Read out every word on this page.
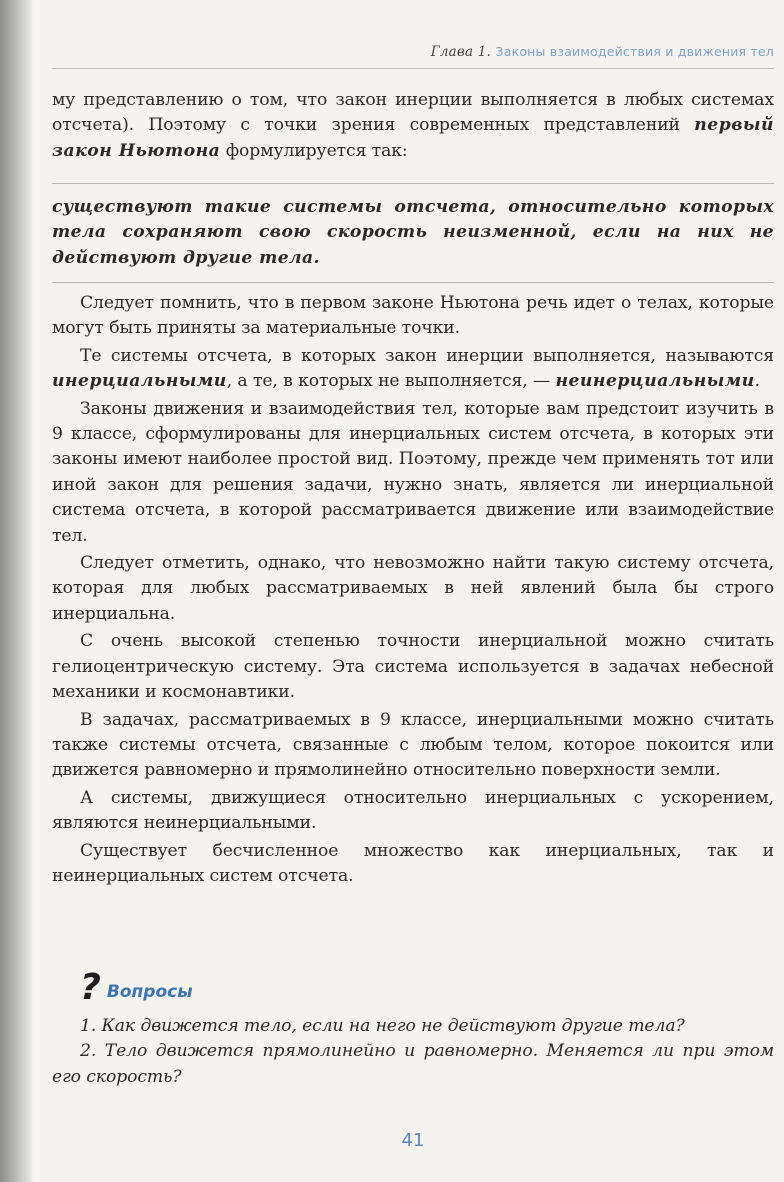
Глава 1. Законы взаимодействия и движения тел

му представлению о том, что закон инерции выполняется в любых системах отсчета). Поэтому с точки зрения современных представлений первый закон Ньютона формулируется так:

существуют такие системы отсчета, относительно которых тела сохраняют свою скорость неизменной, если на них не действуют другие тела.

Следует помнить, что в первом законе Ньютона речь идет о телах, которые могут быть приняты за материальные точки.

Те системы отсчета, в которых закон инерции выполняется, называются инерциальными, а те, в которых не выполняется, — неинерциальными.

Законы движения и взаимодействия тел, которые вам предстоит изучить в 9 классе, сформулированы для инерциальных систем отсчета, в которых эти законы имеют наиболее простой вид. Поэтому, прежде чем применять тот или иной закон для решения задачи, нужно знать, является ли инерциальной система отсчета, в которой рассматривается движение или взаимодействие тел.

Следует отметить, однако, что невозможно найти такую систему отсчета, которая для любых рассматриваемых в ней явлений была бы строго инерциальна.

С очень высокой степенью точности инерциальной можно считать гелиоцентрическую систему. Эта система используется в задачах небесной механики и космонавтики.

В задачах, рассматриваемых в 9 классе, инерциальными можно считать также системы отсчета, связанные с любым телом, которое покоится или движется равномерно и прямолинейно относительно поверхности земли.

А системы, движущиеся относительно инерциальных с ускорением, являются неинерциальными.

Существует бесчисленное множество как инерциальных, так и неинерциальных систем отсчета.

? Вопросы

1. Как движется тело, если на него не действуют другие тела?

2. Тело движется прямолинейно и равномерно. Меняется ли при этом его скорость?

41
